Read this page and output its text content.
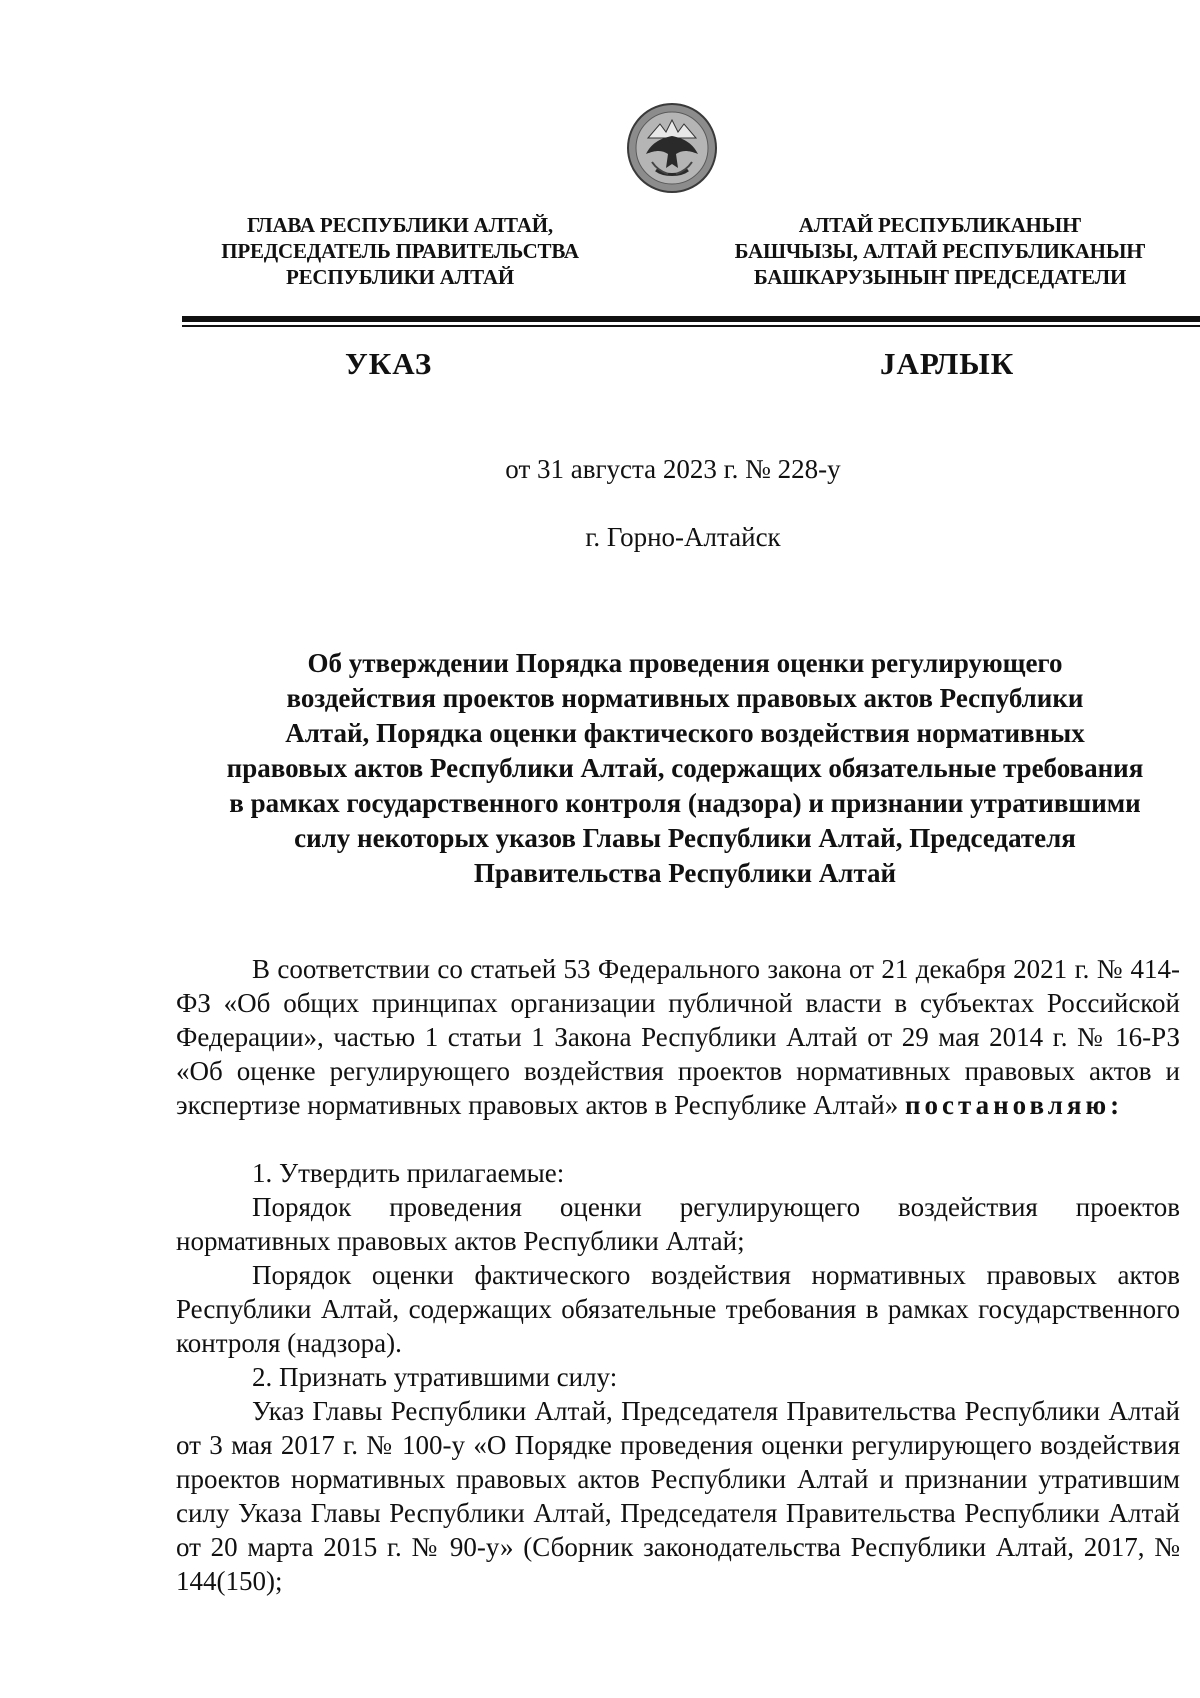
ГЛАВА РЕСПУБЛИКИ АЛТАЙ,
ПРЕДСЕДАТЕЛЬ ПРАВИТЕЛЬСТВА
РЕСПУБЛИКИ АЛТАЙ
АЛТАЙ РЕСПУБЛИКАНЫҤ
БАШЧЫЗЫ, АЛТАЙ РЕСПУБЛИКАНЫҤ
БАШКАРУЗЫНЫҤ ПРЕДСЕДАТЕЛИ
УКАЗ	JАРЛЫК
от 31 августа 2023 г. № 228-у
г. Горно-Алтайск
Об утверждении Порядка проведения оценки регулирующего
воздействия проектов нормативных правовых актов Республики
Алтай, Порядка оценки фактического воздействия нормативных
правовых актов Республики Алтай, содержащих обязательные требования
в рамках государственного контроля (надзора) и признании утратившими
силу некоторых указов Главы Республики Алтай, Председателя
Правительства Республики Алтай

В соответствии со статьей 53 Федерального закона от 21 декабря 2021 г. № 414-ФЗ «Об общих принципах организации публичной власти в субъектах Российской Федерации», частью 1 статьи 1 Закона Республики Алтай от 29 мая 2014 г. № 16-РЗ «Об оценке регулирующего воздействия проектов нормативных правовых актов и экспертизе нормативных правовых актов в Республике Алтай» постановляю:

1. Утвердить прилагаемые:

Порядок проведения оценки регулирующего воздействия проектов нормативных правовых актов Республики Алтай;

Порядок оценки фактического воздействия нормативных правовых актов Республики Алтай, содержащих обязательные требования в рамках государственного контроля (надзора).

2. Признать утратившими силу:

Указ Главы Республики Алтай, Председателя Правительства Республики Алтай от 3 мая 2017 г. № 100-у «О Порядке проведения оценки регулирующего воздействия проектов нормативных правовых актов Республики Алтай и признании утратившим силу Указа Главы Республики Алтай, Председателя Правительства Республики Алтай от 20 марта 2015 г. № 90-у» (Сборник законодательства Республики Алтай, 2017, № 144(150);
